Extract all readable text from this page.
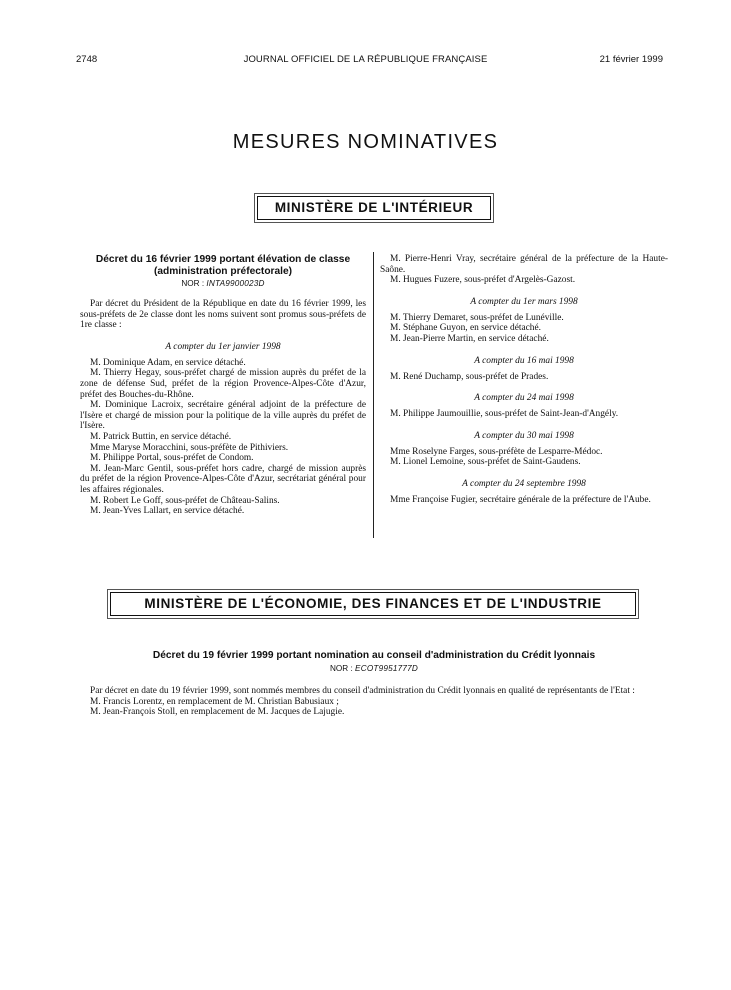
2748	JOURNAL OFFICIEL DE LA RÉPUBLIQUE FRANÇAISE	21 février 1999
MESURES NOMINATIVES
MINISTÈRE DE L'INTÉRIEUR
Décret du 16 février 1999 portant élévation de classe (administration préfectorale)
NOR : INTA9900023D

Par décret du Président de la République en date du 16 février 1999, les sous-préfets de 2e classe dont les noms suivent sont promus sous-préfets de 1re classe :

A compter du 1er janvier 1998

M. Dominique Adam, en service détaché.

M. Thierry Hegay, sous-préfet chargé de mission auprès du préfet de la zone de défense Sud, préfet de la région Provence-Alpes-Côte d'Azur, préfet des Bouches-du-Rhône.

M. Dominique Lacroix, secrétaire général adjoint de la préfecture de l'Isère et chargé de mission pour la politique de la ville auprès du préfet de l'Isère.

M. Patrick Buttin, en service détaché.

Mme Maryse Moracchini, sous-préfète de Pithiviers.

M. Philippe Portal, sous-préfet de Condom.

M. Jean-Marc Gentil, sous-préfet hors cadre, chargé de mission auprès du préfet de la région Provence-Alpes-Côte d'Azur, secrétariat général pour les affaires régionales.

M. Robert Le Goff, sous-préfet de Château-Salins.

M. Jean-Yves Lallart, en service détaché.

M. Pierre-Henri Vray, secrétaire général de la préfecture de la Haute-Saône.

M. Hugues Fuzere, sous-préfet d'Argelès-Gazost.

A compter du 1er mars 1998

M. Thierry Demaret, sous-préfet de Lunéville.

M. Stéphane Guyon, en service détaché.

M. Jean-Pierre Martin, en service détaché.

A compter du 16 mai 1998

M. René Duchamp, sous-préfet de Prades.

A compter du 24 mai 1998

M. Philippe Jaumouillie, sous-préfet de Saint-Jean-d'Angély.

A compter du 30 mai 1998

Mme Roselyne Farges, sous-préfète de Lesparre-Médoc.

M. Lionel Lemoine, sous-préfet de Saint-Gaudens.

A compter du 24 septembre 1998

Mme Françoise Fugier, secrétaire générale de la préfecture de l'Aube.

MINISTÈRE DE L'ÉCONOMIE, DES FINANCES ET DE L'INDUSTRIE
Décret du 19 février 1999 portant nomination au conseil d'administration du Crédit lyonnais
NOR : ECOT9951777D

Par décret en date du 19 février 1999, sont nommés membres du conseil d'administration du Crédit lyonnais en qualité de représentants de l'Etat :

M. Francis Lorentz, en remplacement de M. Christian Babusiaux ;

M. Jean-François Stoll, en remplacement de M. Jacques de Lajugie.
